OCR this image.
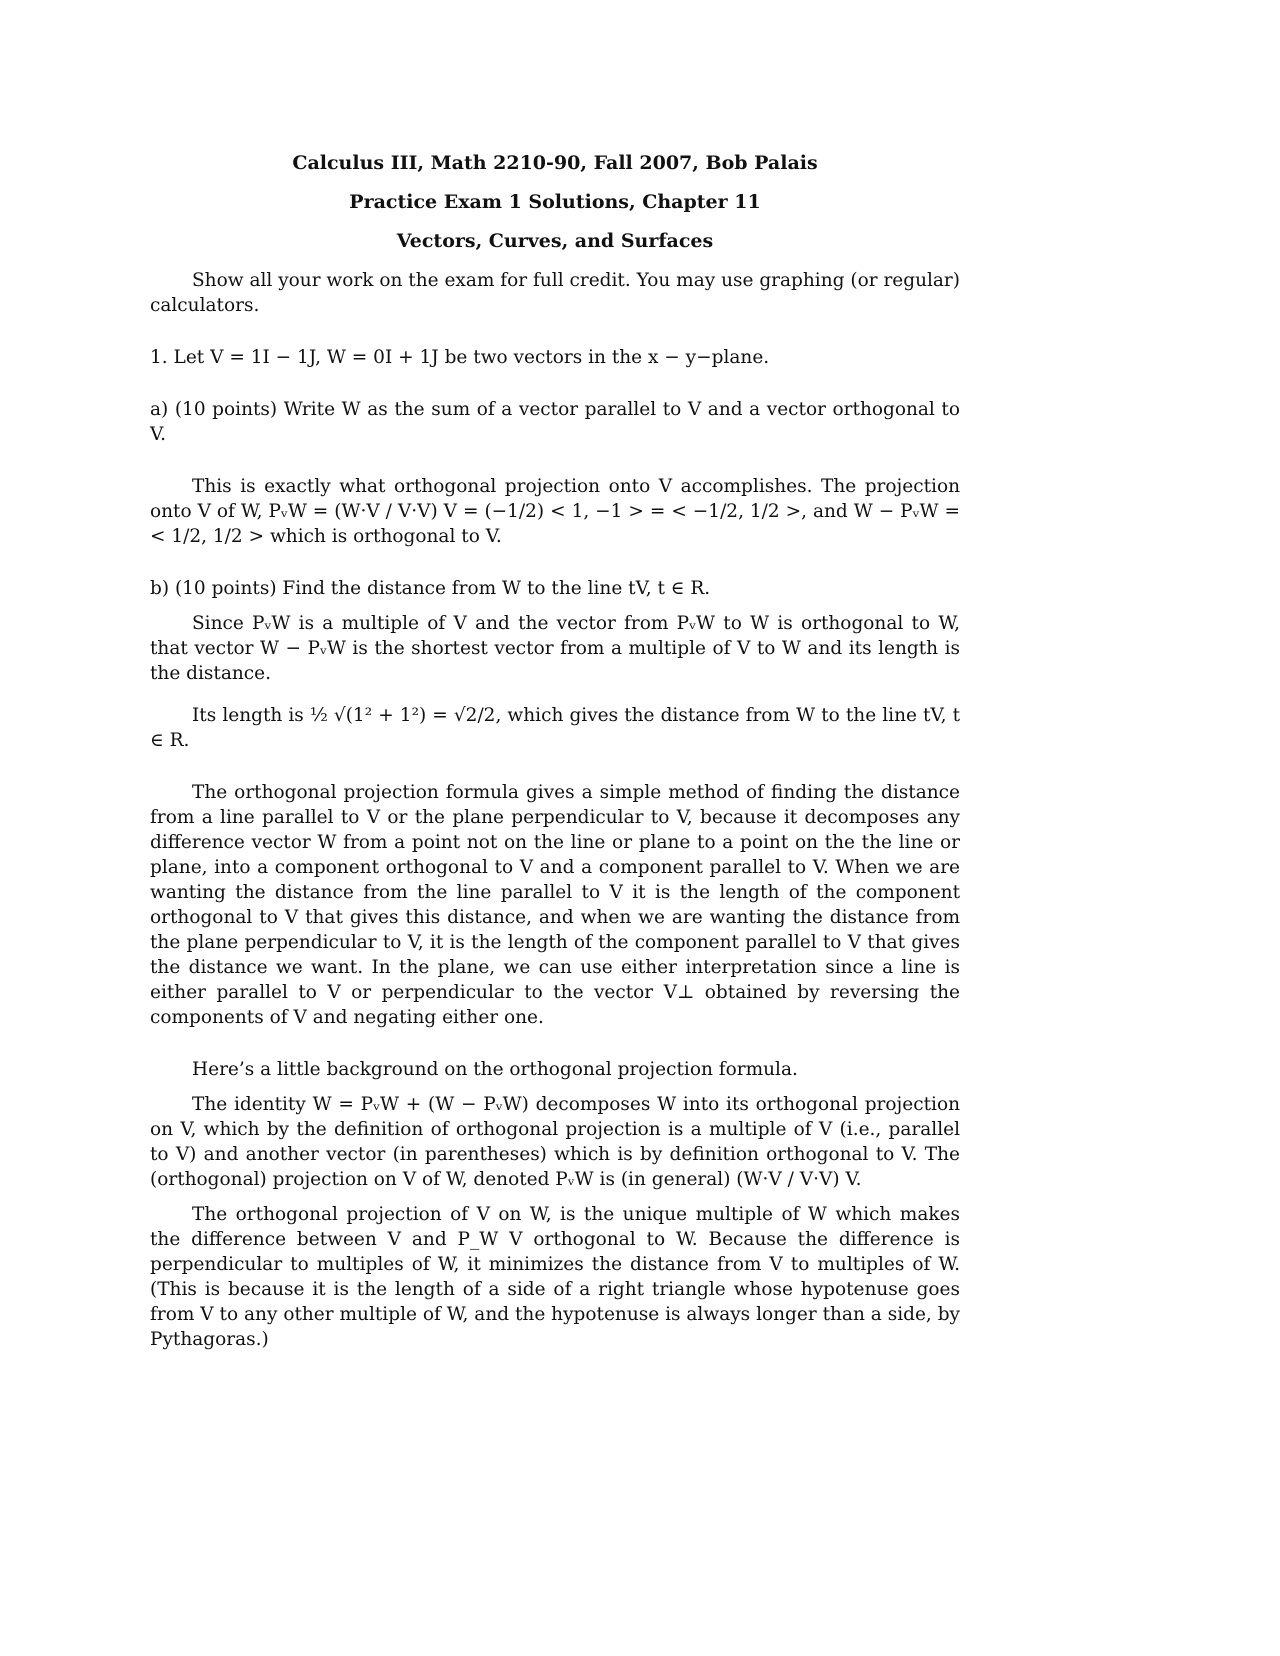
Calculus III, Math 2210-90, Fall 2007, Bob Palais
Practice Exam 1 Solutions, Chapter 11
Vectors, Curves, and Surfaces

Show all your work on the exam for full credit. You may use graphing (or regular) calculators.

1. Let V = 1I − 1J, W = 0I + 1J be two vectors in the x − y−plane.

a) (10 points) Write W as the sum of a vector parallel to V and a vector orthogonal to V.

This is exactly what orthogonal projection onto V accomplishes. The projection onto V of W, PᵥW = (W·V / V·V) V = (−1/2) < 1, −1 > = < −1/2, 1/2 >, and W − PᵥW = < 1/2, 1/2 > which is orthogonal to V.

b) (10 points) Find the distance from W to the line tV, t ∈ R.

Since PᵥW is a multiple of V and the vector from PᵥW to W is orthogonal to W, that vector W − PᵥW is the shortest vector from a multiple of V to W and its length is the distance.

Its length is ½ √(1² + 1²) = √2/2, which gives the distance from W to the line tV, t ∈ R.

The orthogonal projection formula gives a simple method of finding the distance from a line parallel to V or the plane perpendicular to V, because it decomposes any difference vector W from a point not on the line or plane to a point on the the line or plane, into a component orthogonal to V and a component parallel to V. When we are wanting the distance from the line parallel to V it is the length of the component orthogonal to V that gives this distance, and when we are wanting the distance from the plane perpendicular to V, it is the length of the component parallel to V that gives the distance we want. In the plane, we can use either interpretation since a line is either parallel to V or perpendicular to the vector V⊥ obtained by reversing the components of V and negating either one.

Here’s a little background on the orthogonal projection formula.

The identity W = PᵥW + (W − PᵥW) decomposes W into its orthogonal projection on V, which by the definition of orthogonal projection is a multiple of V (i.e., parallel to V) and another vector (in parentheses) which is by definition orthogonal to V. The (orthogonal) projection on V of W, denoted PᵥW is (in general) (W·V / V·V) V.

The orthogonal projection of V on W, is the unique multiple of W which makes the difference between V and P_W V orthogonal to W. Because the difference is perpendicular to multiples of W, it minimizes the distance from V to multiples of W. (This is because it is the length of a side of a right triangle whose hypotenuse goes from V to any other multiple of W, and the hypotenuse is always longer than a side, by Pythagoras.)
